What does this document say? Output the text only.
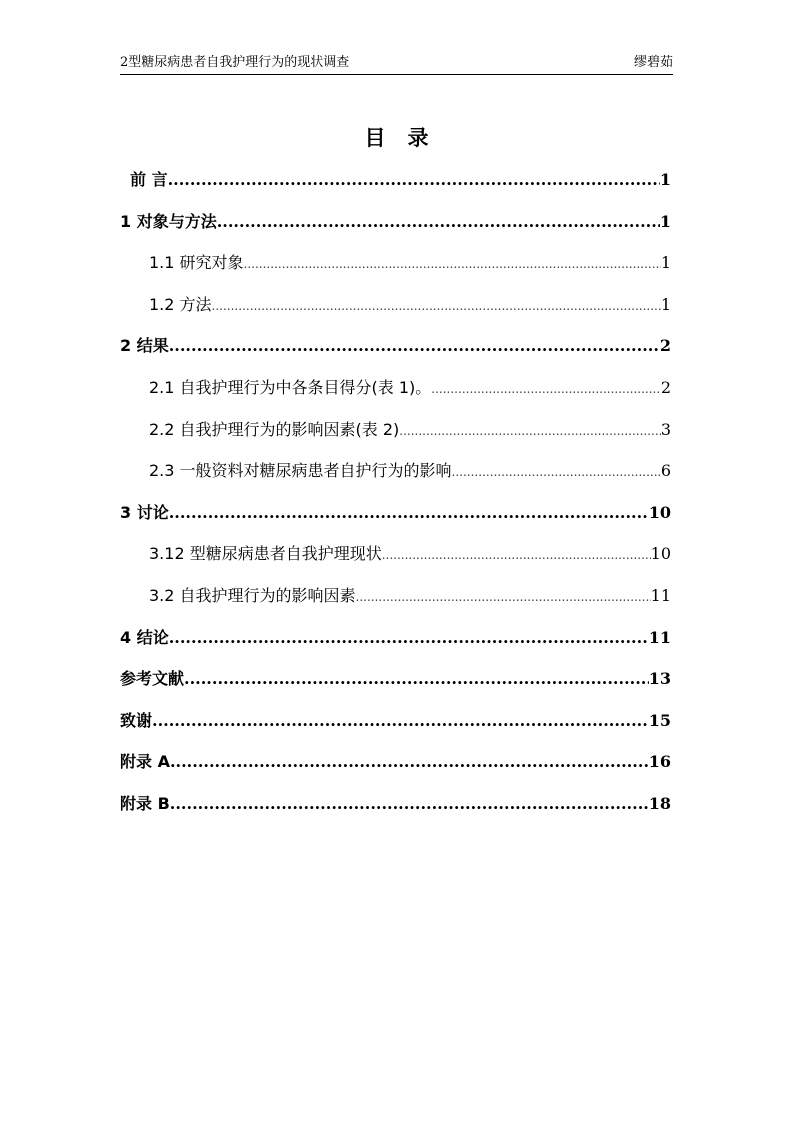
2型糖尿病患者自我护理行为的现状调查	缪碧茹
目录
前 言 .....	1
1 对象与方法 .....	1
1.1 研究对象 .....	1
1.2 方法 .....	1
2 结果 .....	2
2.1 自我护理行为中各条目得分(表 1)。 .....	2
2.2 自我护理行为的影响因素(表 2) .....	3
2.3 一般资料对糖尿病患者自护行为的影响 .....	6
3 讨论 .....	10
3.12 型糖尿病患者自我护理现状 .....	10
3.2 自我护理行为的影响因素 .....	11
4 结论 .....	11
参考文献 .....	13
致谢 .....	15
附录 A .....	16
附录 B .....	18
